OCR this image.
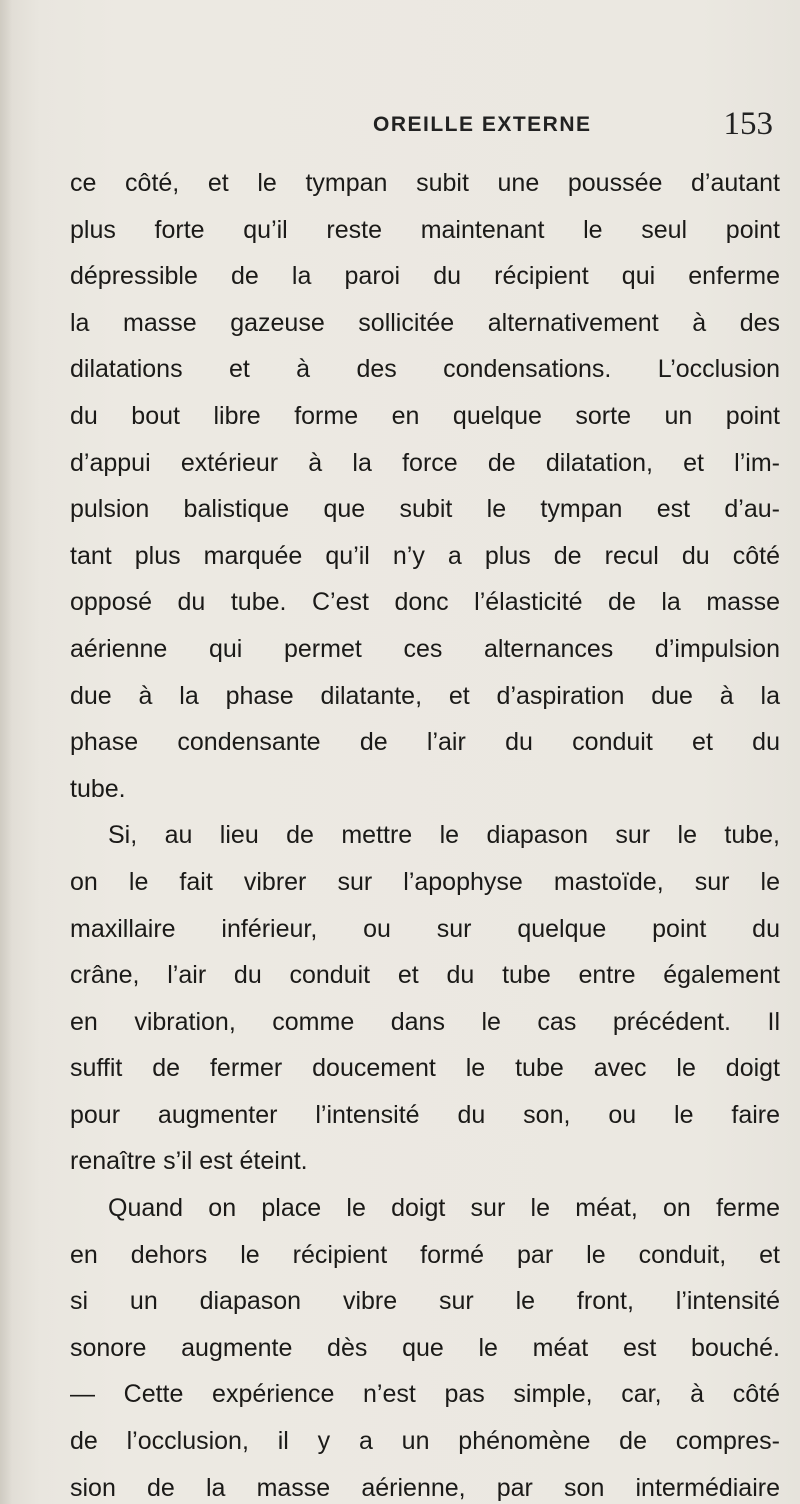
OREILLE EXTERNE	153
ce côté, et le tympan subit une poussée d’autant
plus forte qu’il reste maintenant le seul point
dépressible de la paroi du récipient qui enferme
la masse gazeuse sollicitée alternativement à des
dilatations et à des condensations. L’occlusion
du bout libre forme en quelque sorte un point
d’appui extérieur à la force de dilatation, et l’im-
pulsion balistique que subit le tympan est d’au-
tant plus marquée qu’il n’y a plus de recul du côté
opposé du tube. C’est donc l’élasticité de la masse
aérienne qui permet ces alternances d’impulsion
due à la phase dilatante, et d’aspiration due à la
phase condensante de l’air du conduit et du
tube.
Si, au lieu de mettre le diapason sur le tube,
on le fait vibrer sur l’apophyse mastoïde, sur le
maxillaire inférieur, ou sur quelque point du
crâne, l’air du conduit et du tube entre également
en vibration, comme dans le cas précédent. Il
suffit de fermer doucement le tube avec le doigt
pour augmenter l’intensité du son, ou le faire
renaître s’il est éteint.
Quand on place le doigt sur le méat, on ferme
en dehors le récipient formé par le conduit, et
si un diapason vibre sur le front, l’intensité
sonore augmente dès que le méat est bouché.
— Cette expérience n’est pas simple, car, à côté
de l’occlusion, il y a un phénomène de compres-
sion de la masse aérienne, par son intermédiaire
